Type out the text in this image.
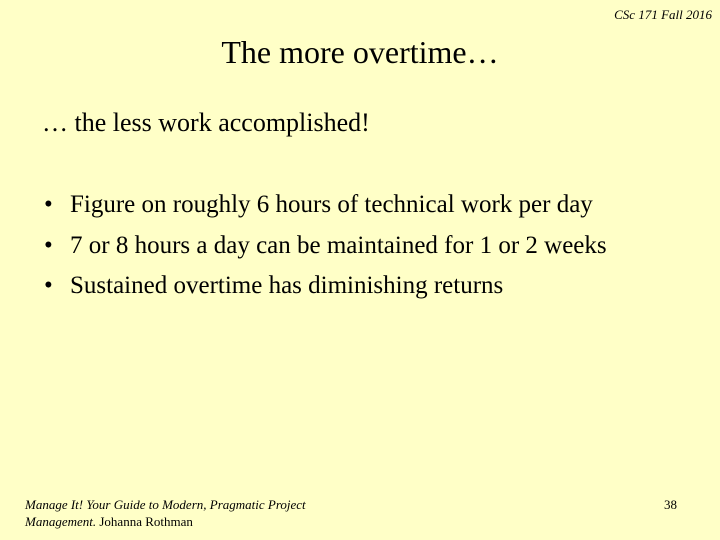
CSc 171 Fall 2016
The more overtime…
… the less work accomplished!
• Figure on roughly 6 hours of technical work per day
• 7 or 8 hours a day can be maintained for 1 or 2 weeks
• Sustained overtime has diminishing returns
Manage It! Your Guide to Modern, Pragmatic Project
Management. Johanna Rothman
38
